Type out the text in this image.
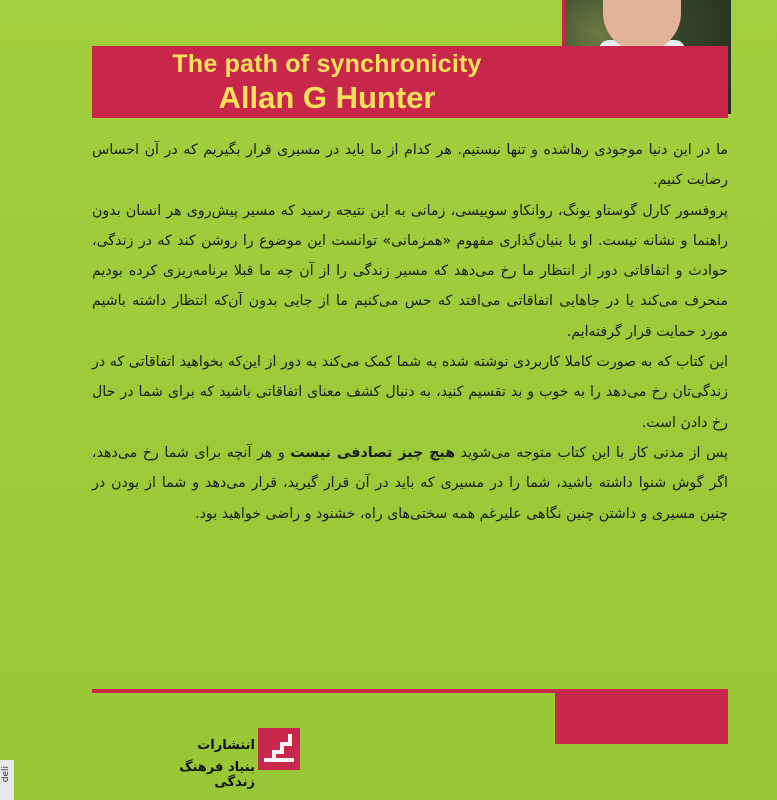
The path of synchronicity
Allan G Hunter

ما در این دنیا موجودی رهاشده و تنها نیستیم. هر کدام از ما باید در مسیری قرار بگیریم که در آن احساس رضایت کنیم.

پروفسور کارل گوستاو یونگ، روانکاو سوییسی، زمانی به این نتیجه رسید که مسیر پیش‌روی هر انسان بدون راهنما و نشانه نیست. او با بنیان‌گذاری مفهوم «همزمانی» توانست این موضوع را روشن کند که در زندگی، حوادث و اتفاقاتی دور از انتظار ما رخ می‌دهد که مسیر زندگی را از آن چه ما قبلا برنامه‌ریزی کرده بودیم منحرف می‌کند یا در جاهایی اتفاقاتی می‌افتد که حس می‌کنیم ما از جایی بدون آن‌که انتظار داشته باشیم مورد حمایت قرار گرفته‌ایم.

این کتاب که به صورت کاملا کاربردی نوشته شده به شما کمک می‌کند به دور از این‌که بخواهید اتفاقاتی که در زندگی‌تان رخ می‌دهد را به خوب و بد تقسیم کنید، به دنبال کشف معنای اتفاقاتی باشید که برای شما در حال رخ دادن است.

پس از مدتی کار با این کتاب متوجه می‌شوید هیچ چیز تصادفی نیست و هر آنچه برای شما رخ می‌دهد، اگر گوش شنوا داشته باشید، شما را در مسیری که باید در آن قرار گیرید، قرار می‌دهد و شما از بودن در چنین مسیری و داشتن چنین نگاهی علیرغم همه سختی‌های راه، خشنود و راضی خواهید بود.

انتشارات
بنیاد فرهنگ زندگی
deli
